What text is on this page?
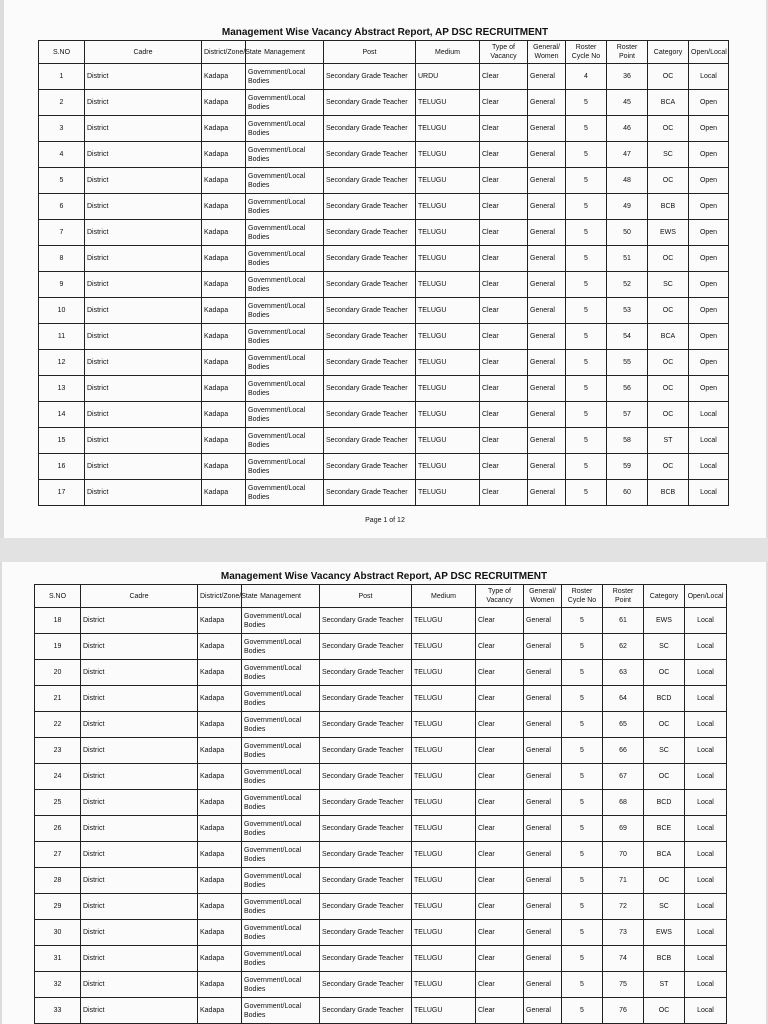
Management Wise Vacancy Abstract Report, AP DSC RECRUITMENT
S.NO	Cadre	District/Zone/State	Management	Post	Medium	Type of Vacancy	General/ Women	Roster Cycle No	Roster Point	Category	Open/Local
1	District	Kadapa	Government/Local Bodies	Secondary Grade Teacher	URDU	Clear	General	4	36	OC	Local
2	District	Kadapa	Government/Local Bodies	Secondary Grade Teacher	TELUGU	Clear	General	5	45	BCA	Open
3	District	Kadapa	Government/Local Bodies	Secondary Grade Teacher	TELUGU	Clear	General	5	46	OC	Open
4	District	Kadapa	Government/Local Bodies	Secondary Grade Teacher	TELUGU	Clear	General	5	47	SC	Open
5	District	Kadapa	Government/Local Bodies	Secondary Grade Teacher	TELUGU	Clear	General	5	48	OC	Open
6	District	Kadapa	Government/Local Bodies	Secondary Grade Teacher	TELUGU	Clear	General	5	49	BCB	Open
7	District	Kadapa	Government/Local Bodies	Secondary Grade Teacher	TELUGU	Clear	General	5	50	EWS	Open
8	District	Kadapa	Government/Local Bodies	Secondary Grade Teacher	TELUGU	Clear	General	5	51	OC	Open
9	District	Kadapa	Government/Local Bodies	Secondary Grade Teacher	TELUGU	Clear	General	5	52	SC	Open
10	District	Kadapa	Government/Local Bodies	Secondary Grade Teacher	TELUGU	Clear	General	5	53	OC	Open
11	District	Kadapa	Government/Local Bodies	Secondary Grade Teacher	TELUGU	Clear	General	5	54	BCA	Open
12	District	Kadapa	Government/Local Bodies	Secondary Grade Teacher	TELUGU	Clear	General	5	55	OC	Open
13	District	Kadapa	Government/Local Bodies	Secondary Grade Teacher	TELUGU	Clear	General	5	56	OC	Open
14	District	Kadapa	Government/Local Bodies	Secondary Grade Teacher	TELUGU	Clear	General	5	57	OC	Local
15	District	Kadapa	Government/Local Bodies	Secondary Grade Teacher	TELUGU	Clear	General	5	58	ST	Local
16	District	Kadapa	Government/Local Bodies	Secondary Grade Teacher	TELUGU	Clear	General	5	59	OC	Local
17	District	Kadapa	Government/Local Bodies	Secondary Grade Teacher	TELUGU	Clear	General	5	60	BCB	Local
Page 1 of 12
Management Wise Vacancy Abstract Report, AP DSC RECRUITMENT
S.NO	Cadre	District/Zone/State	Management	Post	Medium	Type of Vacancy	General/ Women	Roster Cycle No	Roster Point	Category	Open/Local
18	District	Kadapa	Government/Local Bodies	Secondary Grade Teacher	TELUGU	Clear	General	5	61	EWS	Local
19	District	Kadapa	Government/Local Bodies	Secondary Grade Teacher	TELUGU	Clear	General	5	62	SC	Local
20	District	Kadapa	Government/Local Bodies	Secondary Grade Teacher	TELUGU	Clear	General	5	63	OC	Local
21	District	Kadapa	Government/Local Bodies	Secondary Grade Teacher	TELUGU	Clear	General	5	64	BCD	Local
22	District	Kadapa	Government/Local Bodies	Secondary Grade Teacher	TELUGU	Clear	General	5	65	OC	Local
23	District	Kadapa	Government/Local Bodies	Secondary Grade Teacher	TELUGU	Clear	General	5	66	SC	Local
24	District	Kadapa	Government/Local Bodies	Secondary Grade Teacher	TELUGU	Clear	General	5	67	OC	Local
25	District	Kadapa	Government/Local Bodies	Secondary Grade Teacher	TELUGU	Clear	General	5	68	BCD	Local
26	District	Kadapa	Government/Local Bodies	Secondary Grade Teacher	TELUGU	Clear	General	5	69	BCE	Local
27	District	Kadapa	Government/Local Bodies	Secondary Grade Teacher	TELUGU	Clear	General	5	70	BCA	Local
28	District	Kadapa	Government/Local Bodies	Secondary Grade Teacher	TELUGU	Clear	General	5	71	OC	Local
29	District	Kadapa	Government/Local Bodies	Secondary Grade Teacher	TELUGU	Clear	General	5	72	SC	Local
30	District	Kadapa	Government/Local Bodies	Secondary Grade Teacher	TELUGU	Clear	General	5	73	EWS	Local
31	District	Kadapa	Government/Local Bodies	Secondary Grade Teacher	TELUGU	Clear	General	5	74	BCB	Local
32	District	Kadapa	Government/Local Bodies	Secondary Grade Teacher	TELUGU	Clear	General	5	75	ST	Local
33	District	Kadapa	Government/Local Bodies	Secondary Grade Teacher	TELUGU	Clear	General	5	76	OC	Local
